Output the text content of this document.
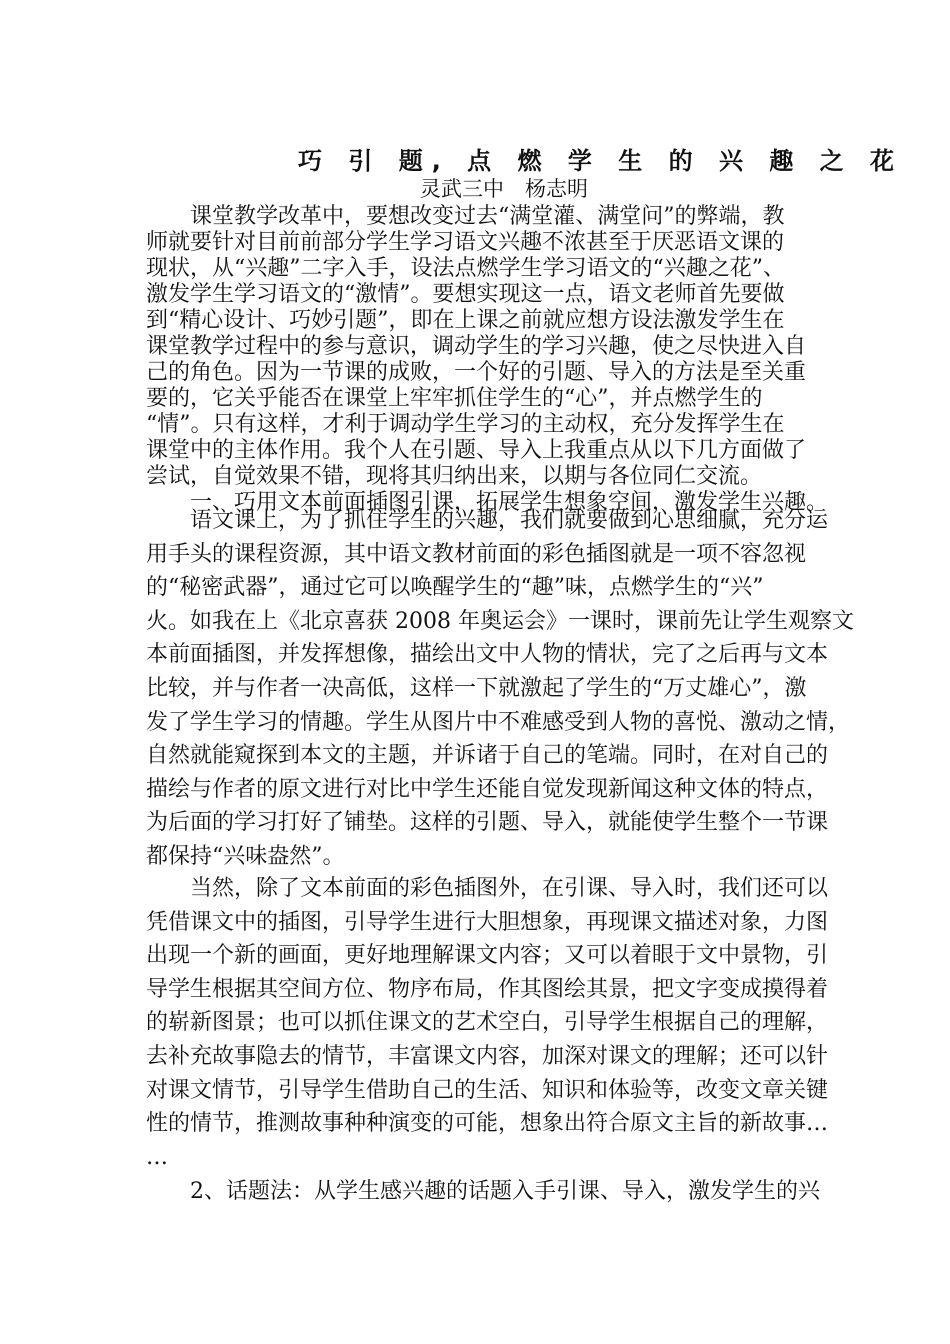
巧 引 题, 点 燃 学 生 的 兴 趣 之 花
灵武三中　杨志明
　　课堂教学改革中，要想改变过去“满堂灌、满堂问”的弊端，教
师就要针对目前前部分学生学习语文兴趣不浓甚至于厌恶语文课的
现状，从“兴趣”二字入手，设法点燃学生学习语文的“兴趣之花”、
激发学生学习语文的“激情”。要想实现这一点，语文老师首先要做
到“精心设计、巧妙引题”，即在上课之前就应想方设法激发学生在
课堂教学过程中的参与意识，调动学生的学习兴趣，使之尽快进入自
己的角色。因为一节课的成败，一个好的引题、导入的方法是至关重
要的，它关乎能否在课堂上牢牢抓住学生的“心”，并点燃学生的
“情”。只有这样，才利于调动学生学习的主动权，充分发挥学生在
课堂中的主体作用。我个人在引题、导入上我重点从以下几方面做了
尝试，自觉效果不错，现将其归纳出来，以期与各位同仁交流。
　　一、巧用文本前面插图引课，拓展学生想象空间，激发学生兴趣。
　　语文课上，为了抓住学生的兴趣，我们就要做到心思细腻，充分运
用手头的课程资源，其中语文教材前面的彩色插图就是一项不容忽视
的“秘密武器”，通过它可以唤醒学生的“趣”味，点燃学生的“兴”
火。如我在上《北京喜获 2008 年奥运会》一课时，课前先让学生观察文
本前面插图，并发挥想像，描绘出文中人物的情状，完了之后再与文本
比较，并与作者一决高低，这样一下就激起了学生的“万丈雄心”，激
发了学生学习的情趣。学生从图片中不难感受到人物的喜悦、激动之情，
自然就能窥探到本文的主题，并诉诸于自己的笔端。同时，在对自己的
描绘与作者的原文进行对比中学生还能自觉发现新闻这种文体的特点，
为后面的学习打好了铺垫。这样的引题、导入，就能使学生整个一节课
都保持“兴味盎然”。
　　当然，除了文本前面的彩色插图外，在引课、导入时，我们还可以
凭借课文中的插图，引导学生进行大胆想象，再现课文描述对象，力图
出现一个新的画面，更好地理解课文内容；又可以着眼于文中景物，引
导学生根据其空间方位、物序布局，作其图绘其景，把文字变成摸得着
的崭新图景；也可以抓住课文的艺术空白，引导学生根据自己的理解，
去补充故事隐去的情节，丰富课文内容，加深对课文的理解；还可以针
对课文情节，引导学生借助自己的生活、知识和体验等，改变文章关键
性的情节，推测故事种种演变的可能，想象出符合原文主旨的新故事…
…
　　2、话题法：从学生感兴趣的话题入手引课、导入，激发学生的兴
